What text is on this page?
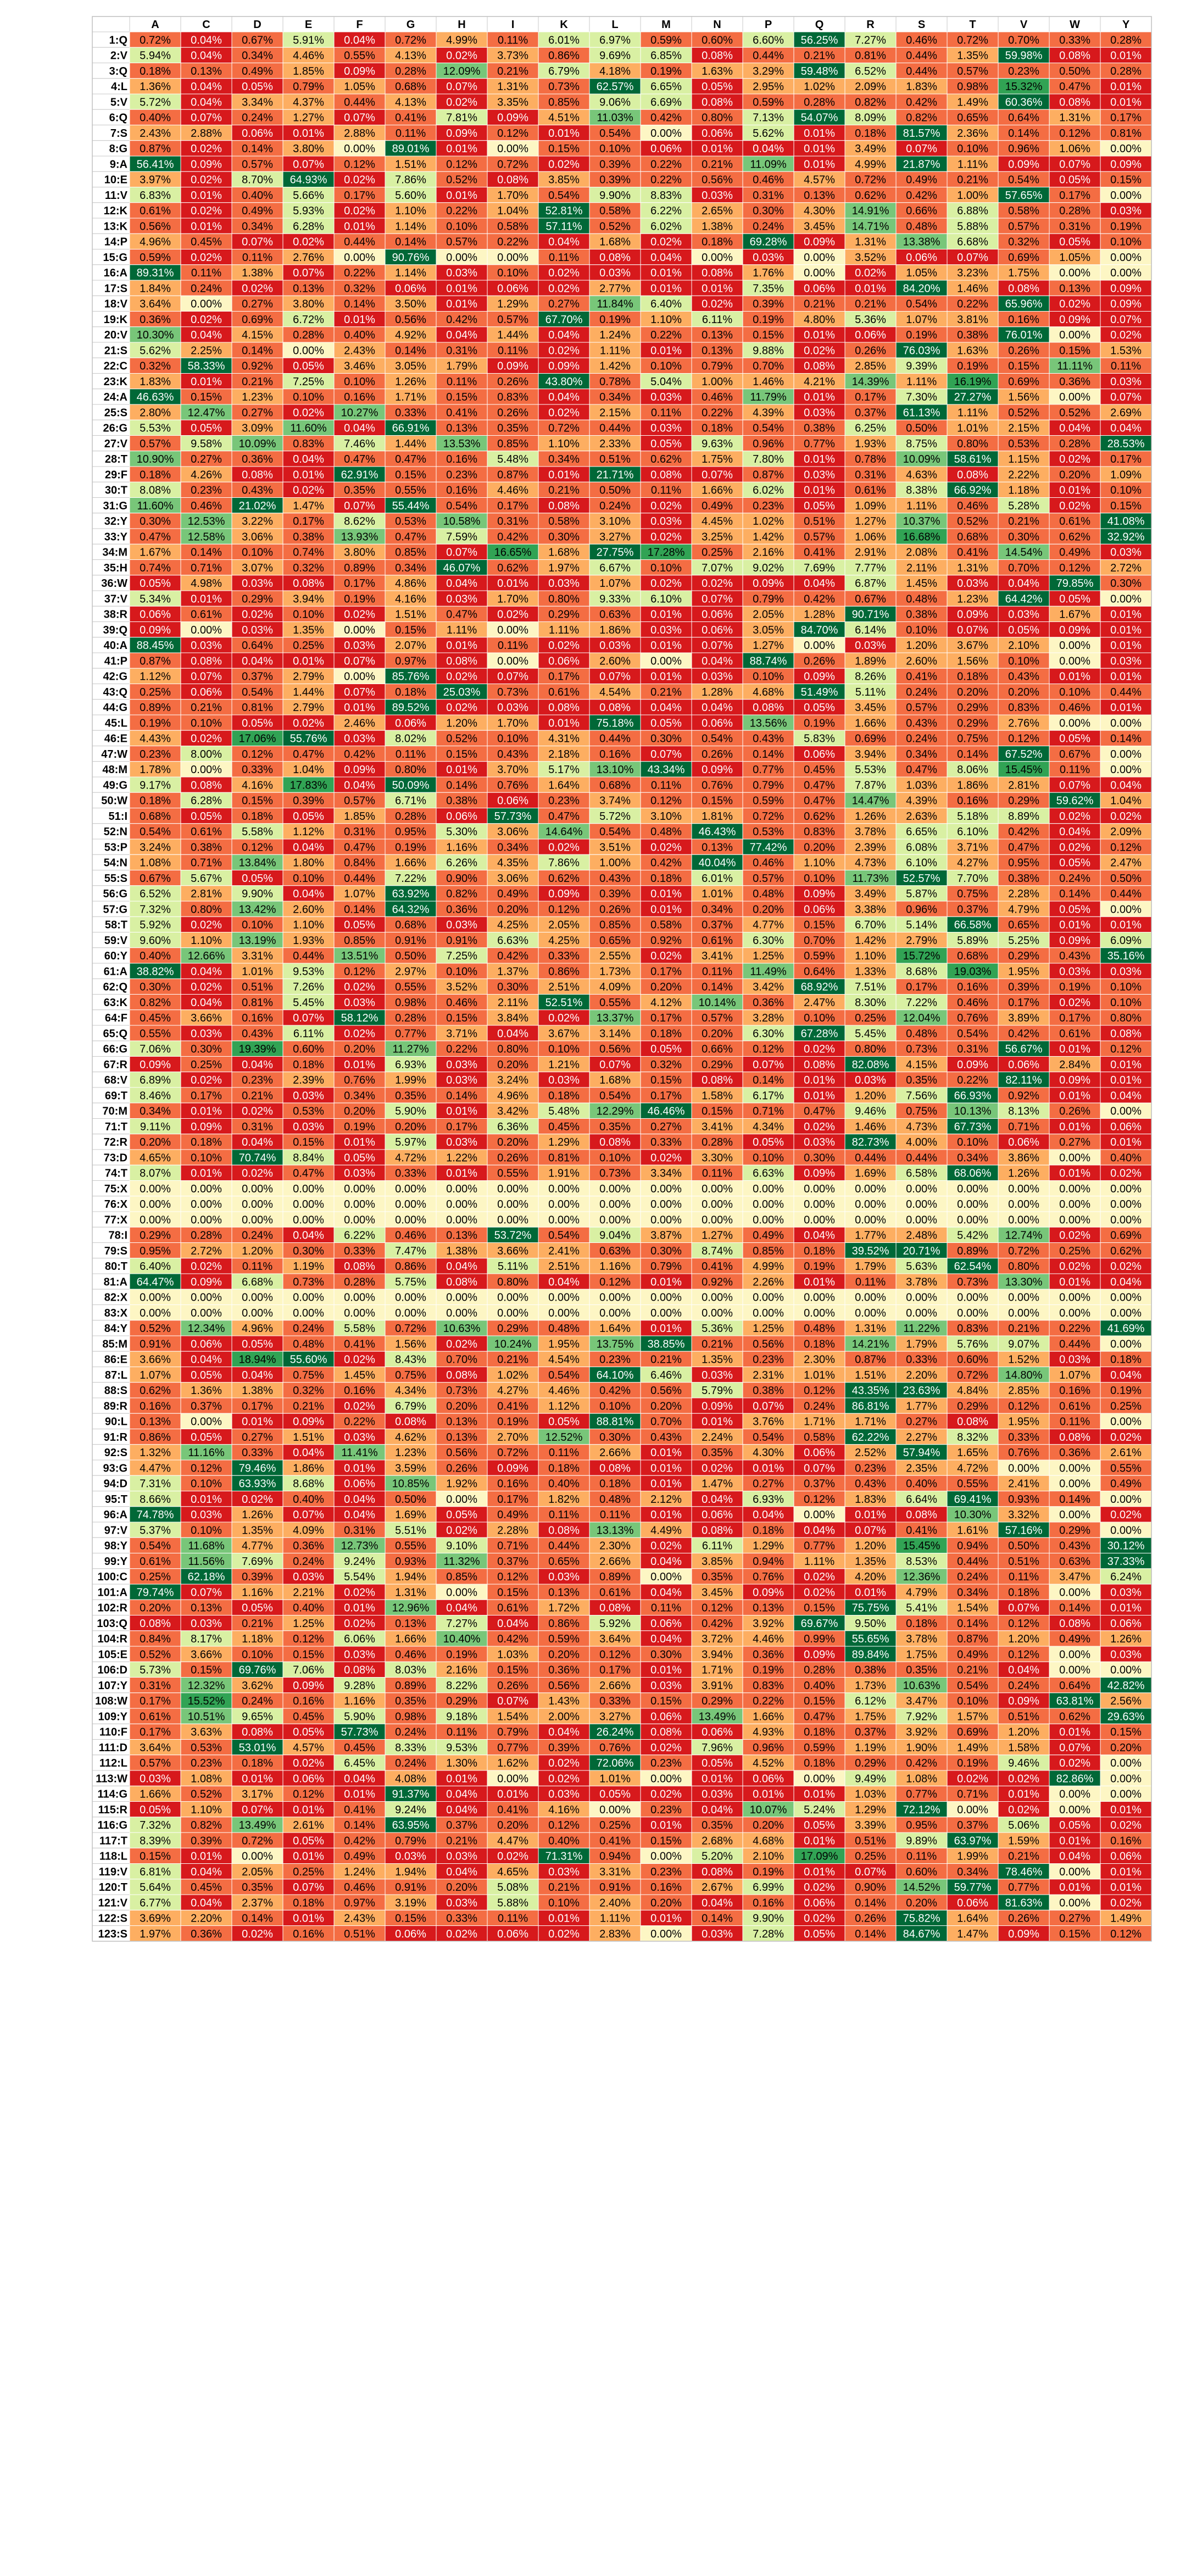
A	C	D	E	F	G	H	I	K	L	M	N	P	Q	R	S	T	V	W	Y
1:Q 0.72% 0.04% 0.67% 5.91% 0.04% 0.72% 4.99% 0.11% 6.01% 6.97% 0.59% 0.60% 6.60% 56.25% 7.27% 0.46% 0.72% 0.70% 0.33% 0.28%
2:V 5.94% 0.04% 0.34% 4.46% 0.55% 4.13% 0.02% 3.73% 0.86% 9.69% 6.85% 0.08% 0.44% 0.21% 0.81% 0.44% 1.35% 59.98% 0.08% 0.01%
3:Q 0.18% 0.13% 0.49% 1.85% 0.09% 0.28% 12.09% 0.21% 6.79% 4.18% 0.19% 1.63% 3.29% 59.48% 6.52% 0.44% 0.57% 0.23% 0.50% 0.28%
4:L 1.36% 0.04% 0.05% 0.79% 1.05% 0.68% 0.07% 1.31% 0.73% 62.57% 6.65% 0.05% 2.95% 1.02% 2.09% 1.83% 0.98% 15.32% 0.47% 0.01%
5:V 5.72% 0.04% 3.34% 4.37% 0.44% 4.13% 0.02% 3.35% 0.85% 9.06% 6.69% 0.08% 0.59% 0.28% 0.82% 0.42% 1.49% 60.36% 0.08% 0.01%
6:Q 0.40% 0.07% 0.24% 1.27% 0.07% 0.41% 7.81% 0.09% 4.51% 11.03% 0.42% 0.80% 7.13% 54.07% 8.09% 0.82% 0.65% 0.64% 1.31% 0.17%
7:S 2.43% 2.88% 0.06% 0.01% 2.88% 0.11% 0.09% 0.12% 0.01% 0.54% 0.00% 0.06% 5.62% 0.01% 0.18% 81.57% 2.36% 0.14% 0.12% 0.81%
8:G 0.87% 0.02% 0.14% 3.80% 0.00% 89.01% 0.01% 0.00% 0.15% 0.10% 0.06% 0.01% 0.04% 0.01% 3.49% 0.07% 0.10% 0.96% 1.06% 0.00%
9:A 56.41% 0.09% 0.57% 0.07% 0.12% 1.51% 0.12% 0.72% 0.02% 0.39% 0.22% 0.21% 11.09% 0.01% 4.99% 21.87% 1.11% 0.09% 0.07% 0.09%
10:E 3.97% 0.02% 8.70% 64.93% 0.02% 7.86% 0.52% 0.08% 3.85% 0.39% 0.22% 0.56% 0.46% 4.57% 0.72% 0.49% 0.21% 0.54% 0.05% 0.15%
11:V 6.83% 0.01% 0.40% 5.66% 0.17% 5.60% 0.01% 1.70% 0.54% 9.90% 8.83% 0.03% 0.31% 0.13% 0.62% 0.42% 1.00% 57.65% 0.17% 0.00%
12:K 0.61% 0.02% 0.49% 5.93% 0.02% 1.10% 0.22% 1.04% 52.81% 0.58% 6.22% 2.65% 0.30% 4.30% 14.91% 0.66% 6.88% 0.58% 0.28% 0.03%
13:K 0.56% 0.01% 0.34% 6.28% 0.01% 1.14% 0.10% 0.58% 57.11% 0.52% 6.02% 1.38% 0.24% 3.45% 14.71% 0.48% 5.88% 0.57% 0.31% 0.19%
14:P 4.96% 0.45% 0.07% 0.02% 0.44% 0.14% 0.57% 0.22% 0.04% 1.68% 0.02% 0.18% 69.28% 0.09% 1.31% 13.38% 6.68% 0.32% 0.05% 0.10%
15:G 0.59% 0.02% 0.11% 2.76% 0.00% 90.76% 0.00% 0.00% 0.11% 0.08% 0.04% 0.00% 0.03% 0.00% 3.52% 0.06% 0.07% 0.69% 1.05% 0.00%
16:A 89.31% 0.11% 1.38% 0.07% 0.22% 1.14% 0.03% 0.10% 0.02% 0.03% 0.01% 0.08% 1.76% 0.00% 0.02% 1.05% 3.23% 1.75% 0.00% 0.00%
17:S 1.84% 0.24% 0.02% 0.13% 0.32% 0.06% 0.01% 0.06% 0.02% 2.77% 0.01% 0.01% 7.35% 0.06% 0.01% 84.20% 1.46% 0.08% 0.13% 0.09%
18:V 3.64% 0.00% 0.27% 3.80% 0.14% 3.50% 0.01% 1.29% 0.27% 11.84% 6.40% 0.02% 0.39% 0.21% 0.21% 0.54% 0.22% 65.96% 0.02% 0.09%
19:K 0.36% 0.02% 0.69% 6.72% 0.01% 0.56% 0.42% 0.57% 67.70% 0.19% 1.10% 6.11% 0.19% 4.80% 5.36% 1.07% 3.81% 0.16% 0.09% 0.07%
20:V 10.30% 0.04% 4.15% 0.28% 0.40% 4.92% 0.04% 1.44% 0.04% 1.24% 0.22% 0.13% 0.15% 0.01% 0.06% 0.19% 0.38% 76.01% 0.00% 0.02%
21:S 5.62% 2.25% 0.14% 0.00% 2.43% 0.14% 0.31% 0.11% 0.02% 1.11% 0.01% 0.13% 9.88% 0.02% 0.26% 76.03% 1.63% 0.26% 0.15% 1.53%
22:C 0.32% 58.33% 0.92% 0.05% 3.46% 3.05% 1.79% 0.09% 0.09% 1.42% 0.10% 0.79% 0.70% 0.08% 2.85% 9.39% 0.19% 0.15% 11.11% 0.11%
23:K 1.83% 0.01% 0.21% 7.25% 0.10% 1.26% 0.11% 0.26% 43.80% 0.78% 5.04% 1.00% 1.46% 4.21% 14.39% 1.11% 16.19% 0.69% 0.36% 0.03%
24:A 46.63% 0.15% 1.23% 0.10% 0.16% 1.71% 0.15% 0.83% 0.04% 0.34% 0.03% 0.46% 11.79% 0.01% 0.17% 7.30% 27.27% 1.56% 0.00% 0.07%
25:S 2.80% 12.47% 0.27% 0.02% 10.27% 0.33% 0.41% 0.26% 0.02% 2.15% 0.11% 0.22% 4.39% 0.03% 0.37% 61.13% 1.11% 0.52% 0.52% 2.69%
26:G 5.53% 0.05% 3.09% 11.60% 0.04% 66.91% 0.13% 0.35% 0.72% 0.44% 0.03% 0.18% 0.54% 0.38% 6.25% 0.50% 1.01% 2.15% 0.04% 0.04%
27:V 0.57% 9.58% 10.09% 0.83% 7.46% 1.44% 13.53% 0.85% 1.10% 2.33% 0.05% 9.63% 0.96% 0.77% 1.93% 8.75% 0.80% 0.53% 0.28% 28.53%
28:T 10.90% 0.27% 0.36% 0.04% 0.47% 0.47% 0.16% 5.48% 0.34% 0.51% 0.62% 1.75% 7.80% 0.01% 0.78% 10.09% 58.61% 1.15% 0.02% 0.17%
29:F 0.18% 4.26% 0.08% 0.01% 62.91% 0.15% 0.23% 0.87% 0.01% 21.71% 0.08% 0.07% 0.87% 0.03% 0.31% 4.63% 0.08% 2.22% 0.20% 1.09%
30:T 8.08% 0.23% 0.43% 0.02% 0.35% 0.55% 0.16% 4.46% 0.21% 0.50% 0.11% 1.66% 6.02% 0.01% 0.61% 8.38% 66.92% 1.18% 0.01% 0.10%
31:G 11.60% 0.46% 21.02% 1.47% 0.07% 55.44% 0.54% 0.17% 0.08% 0.24% 0.02% 0.49% 0.23% 0.05% 1.09% 1.11% 0.46% 5.28% 0.02% 0.15%
32:Y 0.30% 12.53% 3.22% 0.17% 8.62% 0.53% 10.58% 0.31% 0.58% 3.10% 0.03% 4.45% 1.02% 0.51% 1.27% 10.37% 0.52% 0.21% 0.61% 41.08%
33:Y 0.47% 12.58% 3.06% 0.38% 13.93% 0.47% 7.59% 0.42% 0.30% 3.27% 0.02% 3.25% 1.42% 0.57% 1.06% 16.68% 0.68% 0.30% 0.62% 32.92%
34:M 1.67% 0.14% 0.10% 0.74% 3.80% 0.85% 0.07% 16.65% 1.68% 27.75% 17.28% 0.25% 2.16% 0.41% 2.91% 2.08% 0.41% 14.54% 0.49% 0.03%
35:H 0.74% 0.71% 3.07% 0.32% 0.89% 0.34% 46.07% 0.62% 1.97% 6.67% 0.10% 7.07% 9.02% 7.69% 7.77% 2.11% 1.31% 0.70% 0.12% 2.72%
36:W 0.05% 4.98% 0.03% 0.08% 0.17% 4.86% 0.04% 0.01% 0.03% 1.07% 0.02% 0.02% 0.09% 0.04% 6.87% 1.45% 0.03% 0.04% 79.85% 0.30%
37:V 5.34% 0.01% 0.29% 3.94% 0.19% 4.16% 0.03% 1.70% 0.80% 9.33% 6.10% 0.07% 0.79% 0.42% 0.67% 0.48% 1.23% 64.42% 0.05% 0.00%
38:R 0.06% 0.61% 0.02% 0.10% 0.02% 1.51% 0.47% 0.02% 0.29% 0.63% 0.01% 0.06% 2.05% 1.28% 90.71% 0.38% 0.09% 0.03% 1.67% 0.01%
39:Q 0.09% 0.00% 0.03% 1.35% 0.00% 0.15% 1.11% 0.00% 1.11% 1.86% 0.03% 0.06% 3.05% 84.70% 6.14% 0.10% 0.07% 0.05% 0.09% 0.01%
40:A 88.45% 0.03% 0.64% 0.25% 0.03% 2.07% 0.01% 0.11% 0.02% 0.03% 0.01% 0.07% 1.27% 0.00% 0.03% 1.20% 3.67% 2.10% 0.00% 0.01%
41:P 0.87% 0.08% 0.04% 0.01% 0.07% 0.97% 0.08% 0.00% 0.06% 2.60% 0.00% 0.04% 88.74% 0.26% 1.89% 2.60% 1.56% 0.10% 0.00% 0.03%
42:G 1.12% 0.07% 0.37% 2.79% 0.00% 85.76% 0.02% 0.07% 0.17% 0.07% 0.01% 0.03% 0.10% 0.09% 8.26% 0.41% 0.18% 0.43% 0.01% 0.01%
43:Q 0.25% 0.06% 0.54% 1.44% 0.07% 0.18% 25.03% 0.73% 0.61% 4.54% 0.21% 1.28% 4.68% 51.49% 5.11% 0.24% 0.20% 0.20% 0.10% 0.44%
44:G 0.89% 0.21% 0.81% 2.79% 0.01% 89.52% 0.02% 0.03% 0.08% 0.08% 0.04% 0.04% 0.08% 0.05% 3.45% 0.57% 0.29% 0.83% 0.46% 0.01%
45:L 0.19% 0.10% 0.05% 0.02% 2.46% 0.06% 1.20% 1.70% 0.01% 75.18% 0.05% 0.06% 13.56% 0.19% 1.66% 0.43% 0.29% 2.76% 0.00% 0.00%
46:E 4.43% 0.02% 17.06% 55.76% 0.03% 8.02% 0.52% 0.10% 4.31% 0.44% 0.30% 0.54% 0.43% 5.83% 0.69% 0.24% 0.75% 0.12% 0.05% 0.14%
47:W 0.23% 8.00% 0.12% 0.47% 0.42% 0.11% 0.15% 0.43% 2.18% 0.16% 0.07% 0.26% 0.14% 0.06% 3.94% 0.34% 0.14% 67.52% 0.67% 0.00%
48:M 1.78% 0.00% 0.33% 1.04% 0.09% 0.80% 0.01% 3.70% 5.17% 13.10% 43.34% 0.09% 0.77% 0.45% 5.53% 0.47% 8.06% 15.45% 0.11% 0.00%
49:G 9.17% 0.08% 4.16% 17.83% 0.04% 50.09% 0.14% 0.76% 1.64% 0.68% 0.11% 0.76% 0.79% 0.47% 7.87% 1.03% 1.86% 2.81% 0.07% 0.04%
50:W 0.18% 6.28% 0.15% 0.39% 0.57% 6.71% 0.38% 0.06% 0.23% 3.74% 0.12% 0.15% 0.59% 0.47% 14.47% 4.39% 0.16% 0.29% 59.62% 1.04%
51:I 0.68% 0.05% 0.18% 0.05% 1.85% 0.28% 0.06% 57.73% 0.47% 5.72% 3.10% 1.81% 0.72% 0.62% 1.26% 2.63% 5.18% 8.89% 0.02% 0.02%
52:N 0.54% 0.61% 5.58% 1.12% 0.31% 0.95% 5.30% 3.06% 14.64% 0.54% 0.48% 46.43% 0.53% 0.83% 3.78% 6.65% 6.10% 0.42% 0.04% 2.09%
53:P 3.24% 0.38% 0.12% 0.04% 0.47% 0.19% 1.16% 0.34% 0.02% 3.51% 0.02% 0.13% 77.42% 0.20% 2.39% 6.08% 3.71% 0.47% 0.02% 0.12%
54:N 1.08% 0.71% 13.84% 1.80% 0.84% 1.66% 6.26% 4.35% 7.86% 1.00% 0.42% 40.04% 0.46% 1.10% 4.73% 6.10% 4.27% 0.95% 0.05% 2.47%
55:S 0.67% 5.67% 0.05% 0.10% 0.44% 7.22% 0.90% 3.06% 0.62% 0.43% 0.18% 6.01% 0.57% 0.10% 11.73% 52.57% 7.70% 0.38% 0.24% 0.50%
56:G 6.52% 2.81% 9.90% 0.04% 1.07% 63.92% 0.82% 0.49% 0.09% 0.39% 0.01% 1.01% 0.48% 0.09% 3.49% 5.87% 0.75% 2.28% 0.14% 0.44%
57:G 7.32% 0.80% 13.42% 2.60% 0.14% 64.32% 0.36% 0.20% 0.12% 0.26% 0.01% 0.34% 0.20% 0.06% 3.38% 0.96% 0.37% 4.79% 0.05% 0.00%
58:T 5.92% 0.02% 0.10% 1.10% 0.05% 0.68% 0.03% 4.25% 2.05% 0.85% 0.58% 0.37% 4.77% 0.15% 6.70% 5.14% 66.58% 0.65% 0.01% 0.01%
59:V 9.60% 1.10% 13.19% 1.93% 0.85% 0.91% 0.91% 6.63% 4.25% 0.65% 0.92% 0.61% 6.30% 0.70% 1.42% 2.79% 5.89% 5.25% 0.09% 6.09%
60:Y 0.40% 12.66% 3.31% 0.44% 13.51% 0.50% 7.25% 0.42% 0.33% 2.55% 0.02% 3.41% 1.25% 0.59% 1.10% 15.72% 0.68% 0.29% 0.43% 35.16%
61:A 38.82% 0.04% 1.01% 9.53% 0.12% 2.97% 0.10% 1.37% 0.86% 1.73% 0.17% 0.11% 11.49% 0.64% 1.33% 8.68% 19.03% 1.95% 0.03% 0.03%
62:Q 0.30% 0.02% 0.51% 7.26% 0.02% 0.55% 3.52% 0.30% 2.51% 4.09% 0.20% 0.14% 3.42% 68.92% 7.51% 0.17% 0.16% 0.39% 0.19% 0.10%
63:K 0.82% 0.04% 0.81% 5.45% 0.03% 0.98% 0.46% 2.11% 52.51% 0.55% 4.12% 10.14% 0.36% 2.47% 8.30% 7.22% 0.46% 0.17% 0.02% 0.10%
64:F 0.45% 3.66% 0.16% 0.07% 58.12% 0.28% 0.15% 3.84% 0.02% 13.37% 0.17% 0.57% 3.28% 0.10% 0.25% 12.04% 0.76% 3.89% 0.17% 0.80%
65:Q 0.55% 0.03% 0.43% 6.11% 0.02% 0.77% 3.71% 0.04% 3.67% 3.14% 0.18% 0.20% 6.30% 67.28% 5.45% 0.48% 0.54% 0.42% 0.61% 0.08%
66:G 7.06% 0.30% 19.39% 0.60% 0.20% 11.27% 0.22% 0.80% 0.10% 0.56% 0.05% 0.66% 0.12% 0.02% 0.80% 0.73% 0.31% 56.67% 0.01% 0.12%
67:R 0.09% 0.25% 0.04% 0.18% 0.01% 6.93% 0.03% 0.20% 1.21% 0.07% 0.32% 0.29% 0.07% 0.08% 82.08% 4.15% 0.09% 0.06% 2.84% 0.01%
68:V 6.89% 0.02% 0.23% 2.39% 0.76% 1.99% 0.03% 3.24% 0.03% 1.68% 0.15% 0.08% 0.14% 0.01% 0.03% 0.35% 0.22% 82.11% 0.09% 0.01%
69:T 8.46% 0.17% 0.21% 0.03% 0.34% 0.35% 0.14% 4.96% 0.18% 0.54% 0.17% 1.58% 6.17% 0.01% 1.20% 7.56% 66.93% 0.92% 0.01% 0.04%
70:M 0.34% 0.01% 0.02% 0.53% 0.20% 5.90% 0.01% 3.42% 5.48% 12.29% 46.46% 0.15% 0.71% 0.47% 9.46% 0.75% 10.13% 8.13% 0.26% 0.00%
71:T 9.11% 0.09% 0.31% 0.03% 0.19% 0.20% 0.17% 6.36% 0.45% 0.35% 0.27% 3.41% 4.34% 0.02% 1.46% 4.73% 67.73% 0.71% 0.01% 0.06%
72:R 0.20% 0.18% 0.04% 0.15% 0.01% 5.97% 0.03% 0.20% 1.29% 0.08% 0.33% 0.28% 0.05% 0.03% 82.73% 4.00% 0.10% 0.06% 0.27% 0.01%
73:D 4.65% 0.10% 70.74% 8.84% 0.05% 4.72% 1.22% 0.26% 0.81% 0.10% 0.02% 3.30% 0.10% 0.30% 0.44% 0.44% 0.34% 3.86% 0.00% 0.40%
74:T 8.07% 0.01% 0.02% 0.47% 0.03% 0.33% 0.01% 0.55% 1.91% 0.73% 3.34% 0.11% 6.63% 0.09% 1.69% 6.58% 68.06% 1.26% 0.01% 0.02%
75:X 0.00% 0.00% 0.00% 0.00% 0.00% 0.00% 0.00% 0.00% 0.00% 0.00% 0.00% 0.00% 0.00% 0.00% 0.00% 0.00% 0.00% 0.00% 0.00% 0.00%
76:X 0.00% 0.00% 0.00% 0.00% 0.00% 0.00% 0.00% 0.00% 0.00% 0.00% 0.00% 0.00% 0.00% 0.00% 0.00% 0.00% 0.00% 0.00% 0.00% 0.00%
77:X 0.00% 0.00% 0.00% 0.00% 0.00% 0.00% 0.00% 0.00% 0.00% 0.00% 0.00% 0.00% 0.00% 0.00% 0.00% 0.00% 0.00% 0.00% 0.00% 0.00%
78:I 0.29% 0.28% 0.24% 0.04% 6.22% 0.46% 0.13% 53.72% 0.54% 9.04% 3.87% 1.27% 0.49% 0.04% 1.77% 2.48% 5.42% 12.74% 0.02% 0.69%
79:S 0.95% 2.72% 1.20% 0.30% 0.33% 7.47% 1.38% 3.66% 2.41% 0.63% 0.30% 8.74% 0.85% 0.18% 39.52% 20.71% 0.89% 0.72% 0.25% 0.62%
80:T 6.40% 0.02% 0.11% 1.19% 0.08% 0.86% 0.04% 5.11% 2.51% 1.16% 0.79% 0.41% 4.99% 0.19% 1.79% 5.63% 62.54% 0.80% 0.02% 0.02%
81:A 64.47% 0.09% 6.68% 0.73% 0.28% 5.75% 0.08% 0.80% 0.04% 0.12% 0.01% 0.92% 2.26% 0.01% 0.11% 3.78% 0.73% 13.30% 0.01% 0.04%
82:X 0.00% 0.00% 0.00% 0.00% 0.00% 0.00% 0.00% 0.00% 0.00% 0.00% 0.00% 0.00% 0.00% 0.00% 0.00% 0.00% 0.00% 0.00% 0.00% 0.00%
83:X 0.00% 0.00% 0.00% 0.00% 0.00% 0.00% 0.00% 0.00% 0.00% 0.00% 0.00% 0.00% 0.00% 0.00% 0.00% 0.00% 0.00% 0.00% 0.00% 0.00%
84:Y 0.52% 12.34% 4.96% 0.24% 5.58% 0.72% 10.63% 0.29% 0.48% 1.64% 0.01% 5.36% 1.25% 0.48% 1.31% 11.22% 0.83% 0.21% 0.22% 41.69%
85:M 0.91% 0.06% 0.05% 0.48% 0.41% 1.56% 0.02% 10.24% 1.95% 13.75% 38.85% 0.21% 0.56% 0.18% 14.21% 1.79% 5.76% 9.07% 0.44% 0.00%
86:E 3.66% 0.04% 18.94% 55.60% 0.02% 8.43% 0.70% 0.21% 4.54% 0.23% 0.21% 1.35% 0.23% 2.30% 0.87% 0.33% 0.60% 1.52% 0.03% 0.18%
87:L 1.07% 0.05% 0.04% 0.75% 1.45% 0.75% 0.08% 1.02% 0.54% 64.10% 6.46% 0.03% 2.31% 1.01% 1.51% 2.20% 0.72% 14.80% 1.07% 0.04%
88:S 0.62% 1.36% 1.38% 0.32% 0.16% 4.34% 0.73% 4.27% 4.46% 0.42% 0.56% 5.79% 0.38% 0.12% 43.35% 23.63% 4.84% 2.85% 0.16% 0.19%
89:R 0.16% 0.37% 0.17% 0.21% 0.02% 6.79% 0.20% 0.41% 1.12% 0.10% 0.20% 0.09% 0.07% 0.24% 86.81% 1.77% 0.29% 0.12% 0.61% 0.25%
90:L 0.13% 0.00% 0.01% 0.09% 0.22% 0.08% 0.13% 0.19% 0.05% 88.81% 0.70% 0.01% 3.76% 1.71% 1.71% 0.27% 0.08% 1.95% 0.11% 0.00%
91:R 0.86% 0.05% 0.27% 1.51% 0.03% 4.62% 0.13% 2.70% 12.52% 0.30% 0.43% 2.24% 0.54% 0.58% 62.22% 2.27% 8.32% 0.33% 0.08% 0.02%
92:S 1.32% 11.16% 0.33% 0.04% 11.41% 1.23% 0.56% 0.72% 0.11% 2.66% 0.01% 0.35% 4.30% 0.06% 2.52% 57.94% 1.65% 0.76% 0.36% 2.61%
93:G 4.47% 0.12% 79.46% 1.86% 0.01% 3.59% 0.26% 0.09% 0.18% 0.08% 0.01% 0.02% 0.01% 0.07% 0.23% 2.35% 4.72% 0.00% 0.00% 0.55%
94:D 7.31% 0.10% 63.93% 8.68% 0.06% 10.85% 1.92% 0.16% 0.40% 0.18% 0.01% 1.47% 0.27% 0.37% 0.43% 0.40% 0.55% 2.41% 0.00% 0.49%
95:T 8.66% 0.01% 0.02% 0.40% 0.04% 0.50% 0.00% 0.17% 1.82% 0.48% 2.12% 0.04% 6.93% 0.12% 1.83% 6.64% 69.41% 0.93% 0.14% 0.00%
96:A 74.78% 0.03% 1.26% 0.07% 0.04% 1.69% 0.05% 0.49% 0.11% 0.11% 0.01% 0.06% 0.04% 0.00% 0.01% 0.08% 10.30% 3.32% 0.00% 0.02%
97:V 5.37% 0.10% 1.35% 4.09% 0.31% 5.51% 0.02% 2.28% 0.08% 13.13% 4.49% 0.08% 0.18% 0.04% 0.07% 0.41% 1.61% 57.16% 0.29% 0.00%
98:Y 0.54% 11.68% 4.77% 0.36% 12.73% 0.55% 9.10% 0.71% 0.44% 2.30% 0.02% 6.11% 1.29% 0.77% 1.20% 15.45% 0.94% 0.50% 0.43% 30.12%
99:Y 0.61% 11.56% 7.69% 0.24% 9.24% 0.93% 11.32% 0.37% 0.65% 2.66% 0.04% 3.85% 0.94% 1.11% 1.35% 8.53% 0.44% 0.51% 0.63% 37.33%
100:C 0.25% 62.18% 0.39% 0.03% 5.54% 1.94% 0.85% 0.12% 0.03% 0.89% 0.00% 0.35% 0.76% 0.02% 4.20% 12.36% 0.24% 0.11% 3.47% 6.24%
101:A 79.74% 0.07% 1.16% 2.21% 0.02% 1.31% 0.00% 0.15% 0.13% 0.61% 0.04% 3.45% 0.09% 0.02% 0.01% 4.79% 0.34% 0.18% 0.00% 0.03%
102:R 0.20% 0.13% 0.05% 0.40% 0.01% 12.96% 0.04% 0.61% 1.72% 0.08% 0.11% 0.12% 0.13% 0.15% 75.75% 5.41% 1.54% 0.07% 0.14% 0.01%
103:Q 0.08% 0.03% 0.21% 1.25% 0.02% 0.13% 7.27% 0.04% 0.86% 5.92% 0.06% 0.42% 3.92% 69.67% 9.50% 0.18% 0.14% 0.12% 0.08% 0.06%
104:R 0.84% 8.17% 1.18% 0.12% 6.06% 1.66% 10.40% 0.42% 0.59% 3.64% 0.04% 3.72% 4.46% 0.99% 55.65% 3.78% 0.87% 1.20% 0.49% 1.26%
105:E 0.52% 3.66% 0.10% 0.15% 0.03% 0.46% 0.19% 1.03% 0.20% 0.12% 0.30% 3.94% 0.36% 0.09% 89.84% 1.75% 0.49% 0.12% 0.00% 0.03%
106:D 5.73% 0.15% 69.76% 7.06% 0.08% 8.03% 2.16% 0.15% 0.36% 0.17% 0.01% 1.71% 0.19% 0.28% 0.38% 0.35% 0.21% 0.04% 0.00% 0.00%
107:Y 0.31% 12.32% 3.62% 0.09% 9.28% 0.89% 8.22% 0.26% 0.56% 2.66% 0.03% 3.91% 0.83% 0.40% 1.73% 10.63% 0.54% 0.24% 0.64% 42.82%
108:W 0.17% 15.52% 0.24% 0.16% 1.16% 0.35% 0.29% 0.07% 1.43% 0.33% 0.15% 0.29% 0.22% 0.15% 6.12% 3.47% 0.10% 0.09% 63.81% 2.56%
109:Y 0.61% 10.51% 9.65% 0.45% 5.90% 0.98% 9.18% 1.54% 2.00% 3.27% 0.06% 13.49% 1.66% 0.47% 1.75% 7.92% 1.57% 0.51% 0.62% 29.63%
110:F 0.17% 3.63% 0.08% 0.05% 57.73% 0.24% 0.11% 0.79% 0.04% 26.24% 0.08% 0.06% 4.93% 0.18% 0.37% 3.92% 0.69% 1.20% 0.01% 0.15%
111:D 3.64% 0.53% 53.01% 4.57% 0.45% 8.33% 9.53% 0.77% 0.39% 0.76% 0.02% 7.96% 0.96% 0.59% 1.19% 1.90% 1.49% 1.58% 0.07% 0.20%
112:L 0.57% 0.23% 0.18% 0.02% 6.45% 0.24% 1.30% 1.62% 0.02% 72.06% 0.23% 0.05% 4.52% 0.18% 0.29% 0.42% 0.19% 9.46% 0.02% 0.00%
113:W 0.03% 1.08% 0.01% 0.06% 0.04% 4.08% 0.01% 0.00% 0.02% 1.01% 0.00% 0.01% 0.06% 0.00% 9.49% 1.08% 0.02% 0.02% 82.86% 0.00%
114:G 1.66% 0.52% 3.17% 0.12% 0.01% 91.37% 0.04% 0.01% 0.03% 0.05% 0.02% 0.03% 0.01% 0.01% 1.03% 0.77% 0.71% 0.01% 0.00% 0.00%
115:R 0.05% 1.10% 0.07% 0.01% 0.41% 9.24% 0.04% 0.41% 4.16% 0.00% 0.23% 0.04% 10.07% 5.24% 1.29% 72.12% 0.00% 0.02% 0.00% 0.01%
116:G 7.32% 0.82% 13.49% 2.61% 0.14% 63.95% 0.37% 0.20% 0.12% 0.25% 0.01% 0.35% 0.20% 0.05% 3.39% 0.95% 0.37% 5.06% 0.05% 0.02%
117:T 8.39% 0.39% 0.72% 0.05% 0.42% 0.79% 0.21% 4.47% 0.40% 0.41% 0.15% 2.68% 4.68% 0.01% 0.51% 9.89% 63.97% 1.59% 0.01% 0.16%
118:L 0.15% 0.01% 0.00% 0.01% 0.49% 0.03% 0.03% 0.02% 71.31% 0.94% 0.00% 5.20% 2.10% 17.09% 0.25% 0.11% 1.99% 0.21% 0.04% 0.06%
119:V 6.81% 0.04% 2.05% 0.25% 1.24% 1.94% 0.04% 4.65% 0.03% 3.31% 0.23% 0.08% 0.19% 0.01% 0.07% 0.60% 0.34% 78.46% 0.00% 0.01%
120:T 5.64% 0.45% 0.35% 0.07% 0.46% 0.91% 0.20% 5.08% 0.21% 0.91% 0.16% 2.67% 6.99% 0.02% 0.90% 14.52% 59.77% 0.77% 0.01% 0.01%
121:V 6.77% 0.04% 2.37% 0.18% 0.97% 3.19% 0.03% 5.88% 0.10% 2.40% 0.20% 0.04% 0.16% 0.06% 0.14% 0.20% 0.06% 81.63% 0.00% 0.02%
122:S 3.69% 2.20% 0.14% 0.01% 2.43% 0.15% 0.33% 0.11% 0.01% 1.11% 0.01% 0.14% 9.90% 0.02% 0.26% 75.82% 1.64% 0.26% 0.27% 1.49%
123:S 1.97% 0.36% 0.02% 0.16% 0.51% 0.06% 0.02% 0.06% 0.02% 2.83% 0.00% 0.03% 7.28% 0.05% 0.14% 84.67% 1.47% 0.09% 0.15% 0.12%
